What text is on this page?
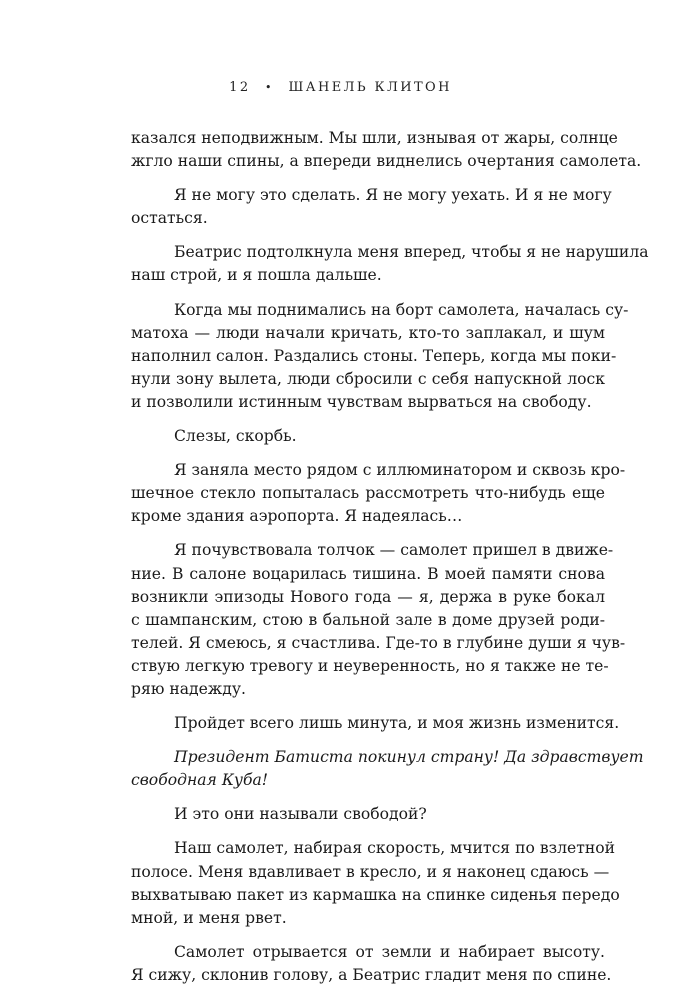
12 • ШАНЕЛЬ КЛИТОН
казался неподвижным. Мы шли, изнывая от жары, солнце
жгло наши спины, а впереди виднелись очертания самолета.
Я не могу это сделать. Я не могу уехать. И я не могу
остаться.
Беатрис подтолкнула меня вперед, чтобы я не нарушила
наш строй, и я пошла дальше.
Когда мы поднимались на борт самолета, началась су-
матоха — люди начали кричать, кто-то заплакал, и шум
наполнил салон. Раздались стоны. Теперь, когда мы поки-
нули зону вылета, люди сбросили с себя напускной лоск
и позволили истинным чувствам вырваться на свободу.
Слезы, скорбь.
Я заняла место рядом с иллюминатором и сквозь кро-
шечное стекло попыталась рассмотреть что-нибудь еще
кроме здания аэропорта. Я надеялась…
Я почувствовала толчок — самолет пришел в движе-
ние. В салоне воцарилась тишина. В моей памяти снова
возникли эпизоды Нового года — я, держа в руке бокал
с шампанским, стою в бальной зале в доме друзей роди-
телей. Я смеюсь, я счастлива. Где-то в глубине души я чув-
ствую легкую тревогу и неуверенность, но я также не те-
ряю надежду.
Пройдет всего лишь минута, и моя жизнь изменится.
Президент Батиста покинул страну! Да здравствует
свободная Куба!
И это они называли свободой?
Наш самолет, набирая скорость, мчится по взлетной
полосе. Меня вдавливает в кресло, и я наконец сдаюсь —
выхватываю пакет из кармашка на спинке сиденья передо
мной, и меня рвет.
Самолет отрывается от земли и набирает высоту.
Я сижу, склонив голову, а Беатрис гладит меня по спине.
